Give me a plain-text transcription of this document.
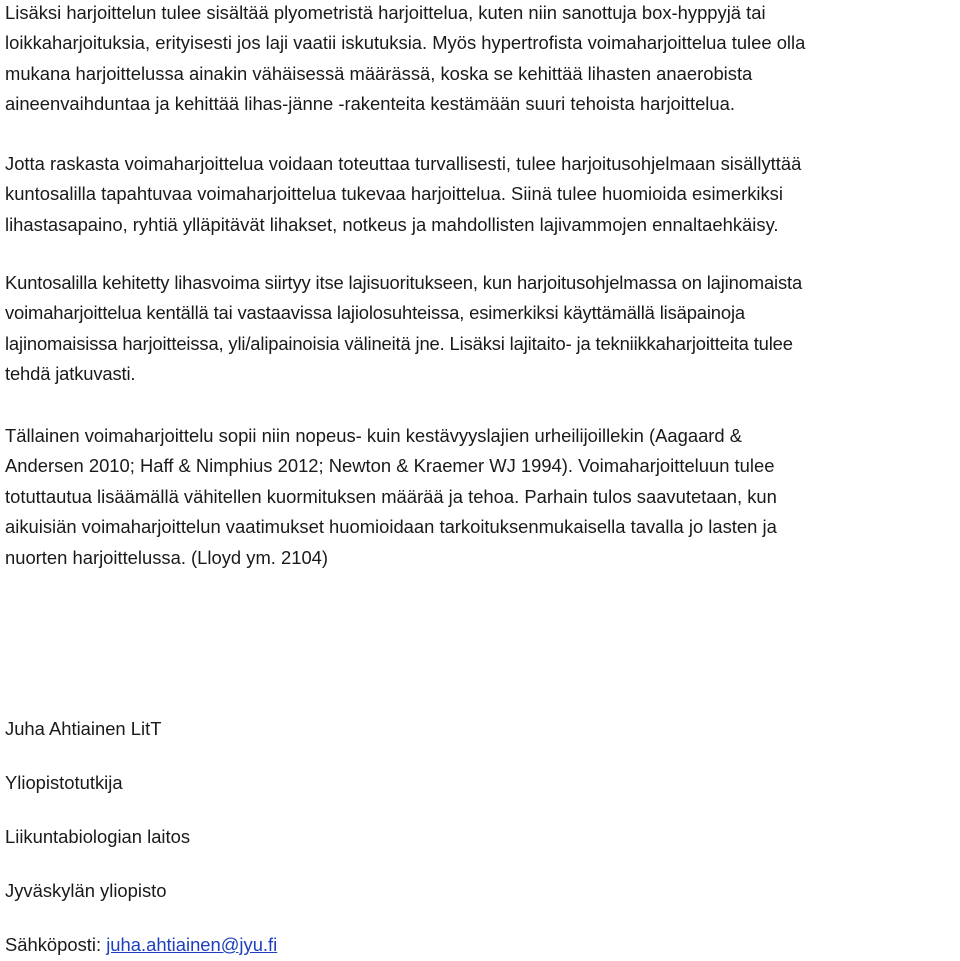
Lisäksi harjoittelun tulee sisältää plyometristä harjoittelua, kuten niin sanottuja box-hyppyjä tai
loikkaharjoituksia, erityisesti jos laji vaatii iskutuksia. Myös hypertrofista voimaharjoittelua tulee olla
mukana harjoittelussa ainakin vähäisessä määrässä, koska se kehittää lihasten anaerobista
aineenvaihduntaa ja kehittää lihas-jänne -rakenteita kestämään suuri tehoista harjoittelua.

Jotta raskasta voimaharjoittelua voidaan toteuttaa turvallisesti, tulee harjoitusohjelmaan sisällyttää
kuntosalilla tapahtuvaa voimaharjoittelua tukevaa harjoittelua. Siinä tulee huomioida esimerkiksi
lihastasapaino, ryhtiä ylläpitävät lihakset, notkeus ja mahdollisten lajivammojen ennaltaehkäisy.

Kuntosalilla kehitetty lihasvoima siirtyy itse lajisuoritukseen, kun harjoitusohjelmassa on lajinomaista
voimaharjoittelua kentällä tai vastaavissa lajiolosuhteissa, esimerkiksi käyttämällä lisäpainoja
lajinomaisissa harjoitteissa, yli/alipainoisia välineitä jne. Lisäksi lajitaito- ja tekniikkaharjoitteita tulee
tehdä jatkuvasti.

Tällainen voimaharjoittelu sopii niin nopeus- kuin kestävyyslajien urheilijoillekin (Aagaard &
Andersen 2010; Haff & Nimphius 2012; Newton & Kraemer WJ 1994). Voimaharjoitteluun tulee
totuttautua lisäämällä vähitellen kuormituksen määrää ja tehoa. Parhain tulos saavutetaan, kun
aikuisiän voimaharjoittelun vaatimukset huomioidaan tarkoituksenmukaisella tavalla jo lasten ja
nuorten harjoittelussa. (Lloyd ym. 2104)

Juha Ahtiainen LitT
Yliopistotutkija
Liikuntabiologian laitos
Jyväskylän yliopisto
Sähköposti: juha.ahtiainen@jyu.fi
